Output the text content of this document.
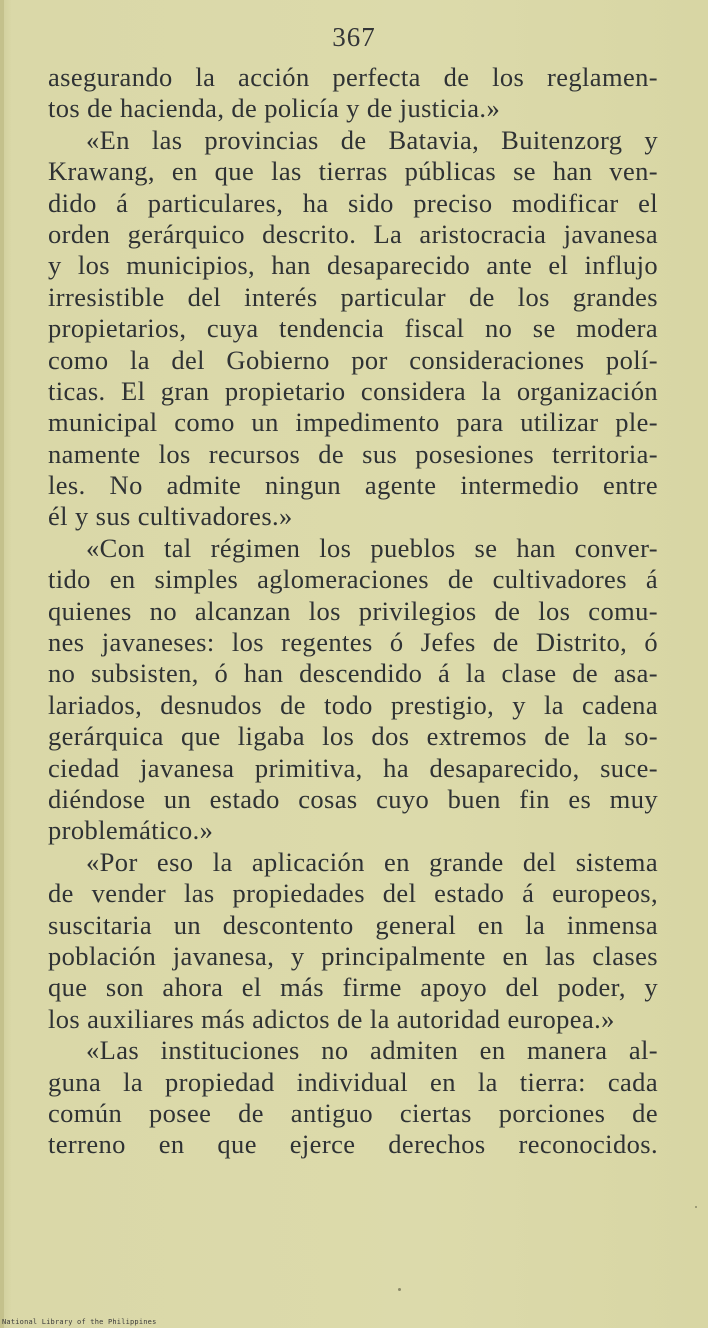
367
asegurando la acción perfecta de los reglamen-
tos de hacienda, de policía y de justicia.»
«En las provincias de Batavia, Buitenzorg y
Krawang, en que las tierras públicas se han ven-
dido á particulares, ha sido preciso modificar el
orden gerárquico descrito. La aristocracia javanesa
y los municipios, han desaparecido ante el influjo
irresistible del interés particular de los grandes
propietarios, cuya tendencia fiscal no se modera
como la del Gobierno por consideraciones polí-
ticas. El gran propietario considera la organización
municipal como un impedimento para utilizar ple-
namente los recursos de sus posesiones territoria-
les. No admite ningun agente intermedio entre
él y sus cultivadores.»
«Con tal régimen los pueblos se han conver-
tido en simples aglomeraciones de cultivadores á
quienes no alcanzan los privilegios de los comu-
nes javaneses: los regentes ó Jefes de Distrito, ó
no subsisten, ó han descendido á la clase de asa-
lariados, desnudos de todo prestigio, y la cadena
gerárquica que ligaba los dos extremos de la so-
ciedad javanesa primitiva, ha desaparecido, suce-
diéndose un estado cosas cuyo buen fin es muy
problemático.»
«Por eso la aplicación en grande del sistema
de vender las propiedades del estado á europeos,
suscitaria un descontento general en la inmensa
población javanesa, y principalmente en las clases
que son ahora el más firme apoyo del poder, y
los auxiliares más adictos de la autoridad europea.»
«Las instituciones no admiten en manera al-
guna la propiedad individual en la tierra: cada
común posee de antiguo ciertas porciones de
terreno en que ejerce derechos reconocidos.
National Library of the Philippines
